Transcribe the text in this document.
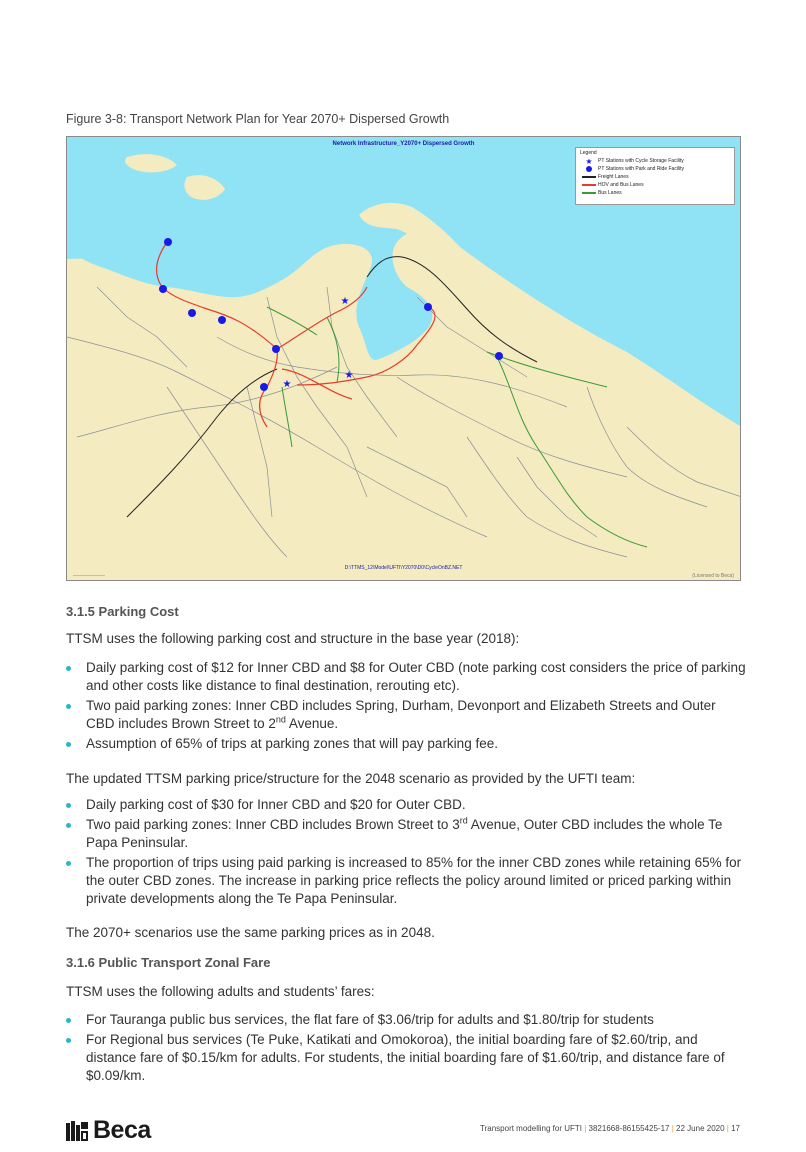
Figure 3-8: Transport Network Plan for Year 2070+ Dispersed Growth
★
★
★
Network Infrastructure_Y2070+ Dispersed Growth
Legend
★	PT Stations with Cycle Storage Facility
PT Stations with Park and Ride Facility
Freight Lanes
HOV and Bus Lanes
Bus Lanes
D:\TTMS_12\Model\UFTI\Y2070\D0\CycleOnBZ.NET
─────────	(Licensed to Beca)
3.1.5 Parking Cost

TTSM uses the following parking cost and structure in the base year (2018):

Daily parking cost of $12 for Inner CBD and $8 for Outer CBD (note parking cost considers the price of parking and other costs like distance to final destination, rerouting etc).
Two paid parking zones: Inner CBD includes Spring, Durham, Devonport and Elizabeth Streets and Outer CBD includes Brown Street to 2nd Avenue.
Assumption of 65% of trips at parking zones that will pay parking fee.

The updated TTSM parking price/structure for the 2048 scenario as provided by the UFTI team:

Daily parking cost of $30 for Inner CBD and $20 for Outer CBD.
Two paid parking zones: Inner CBD includes Brown Street to 3rd Avenue, Outer CBD includes the whole Te Papa Peninsular.
The proportion of trips using paid parking is increased to 85% for the inner CBD zones while retaining 65% for the outer CBD zones. The increase in parking price reflects the policy around limited or priced parking within private developments along the Te Papa Peninsular.

The 2070+ scenarios use the same parking prices as in 2048.

3.1.6 Public Transport Zonal Fare

TTSM uses the following adults and students’ fares:

For Tauranga public bus services, the flat fare of $3.06/trip for adults and $1.80/trip for students
For Regional bus services (Te Puke, Katikati and Omokoroa), the initial boarding fare of $2.60/trip, and distance fare of $0.15/km for adults. For students, the initial boarding fare of $1.60/trip, and distance fare of $0.09/km.
Beca	Transport modelling for UFTI | 3821668-86155425-17 | 22 June 2020 | 17
